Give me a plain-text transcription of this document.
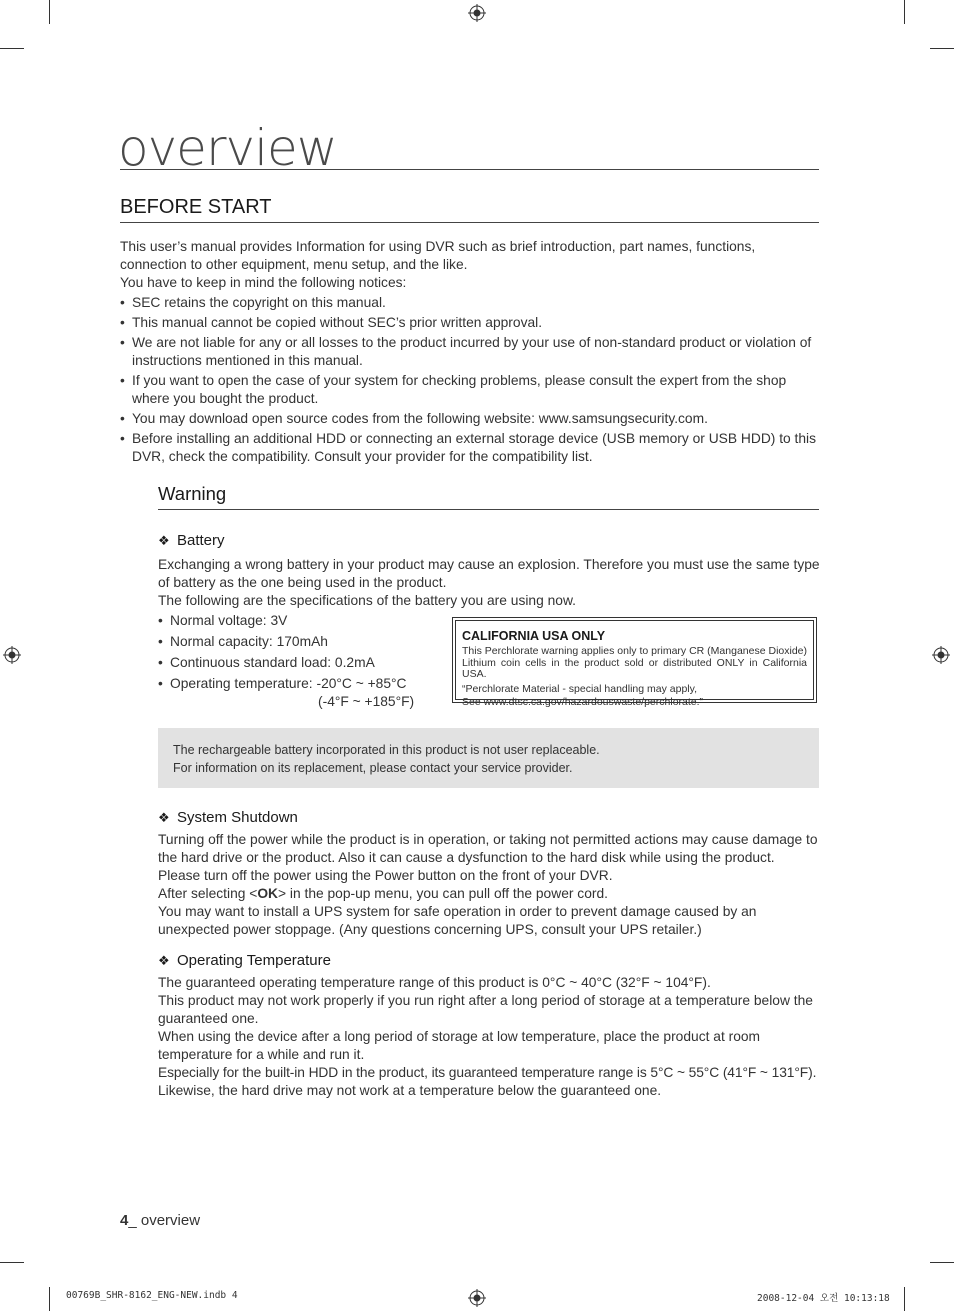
overview
BEFORE START
This user’s manual provides Information for using DVR such as brief introduction, part names, functions, connection to other equipment, menu setup, and the like.
You have to keep in mind the following notices:
• SEC retains the copyright on this manual.
• This manual cannot be copied without SEC’s prior written approval.
• We are not liable for any or all losses to the product incurred by your use of non-standard product or violation of instructions mentioned in this manual.
• If you want to open the case of your system for checking problems, please consult the expert from the shop where you bought the product.
• You may download open source codes from the following website: www.samsungsecurity.com.
• Before installing an additional HDD or connecting an external storage device (USB memory or USB HDD) to this DVR, check the compatibility. Consult your provider for the compatibility list.
Warning
❖ Battery
Exchanging a wrong battery in your product may cause an explosion. Therefore you must use the same type of battery as the one being used in the product.
The following are the specifications of the battery you are using now.
• Normal voltage: 3V
• Normal capacity: 170mAh
• Continuous standard load: 0.2mA
• Operating temperature: -20°C ~ +85°C
(-4°F ~ +185°F)
CALIFORNIA USA ONLY
This Perchlorate warning applies only to primary CR (Manganese Dioxide) Lithium coin cells in the product sold or distributed ONLY in California USA.
“Perchlorate Material - special handling may apply,
See www.dtsc.ca.gov/hazardouswaste/perchlorate.”
The rechargeable battery incorporated in this product is not user replaceable.
For information on its replacement, please contact your service provider.
❖ System Shutdown
Turning off the power while the product is in operation, or taking not permitted actions may cause damage to the hard drive or the product. Also it can cause a dysfunction to the hard disk while using the product.
Please turn off the power using the Power button on the front of your DVR.
After selecting <OK> in the pop-up menu, you can pull off the power cord.
You may want to install a UPS system for safe operation in order to prevent damage caused by an unexpected power stoppage. (Any questions concerning UPS, consult your UPS retailer.)
❖ Operating Temperature
The guaranteed operating temperature range of this product is 0°C ~ 40°C (32°F ~ 104°F).
This product may not work properly if you run right after a long period of storage at a temperature below the guaranteed one.
When using the device after a long period of storage at low temperature, place the product at room temperature for a while and run it.
Especially for the built-in HDD in the product, its guaranteed temperature range is 5°C ~ 55°C (41°F ~ 131°F).
Likewise, the hard drive may not work at a temperature below the guaranteed one.
4_ overview
00769B_SHR-8162_ENG-NEW.indb 4	2008-12-04 오전 10:13:18
